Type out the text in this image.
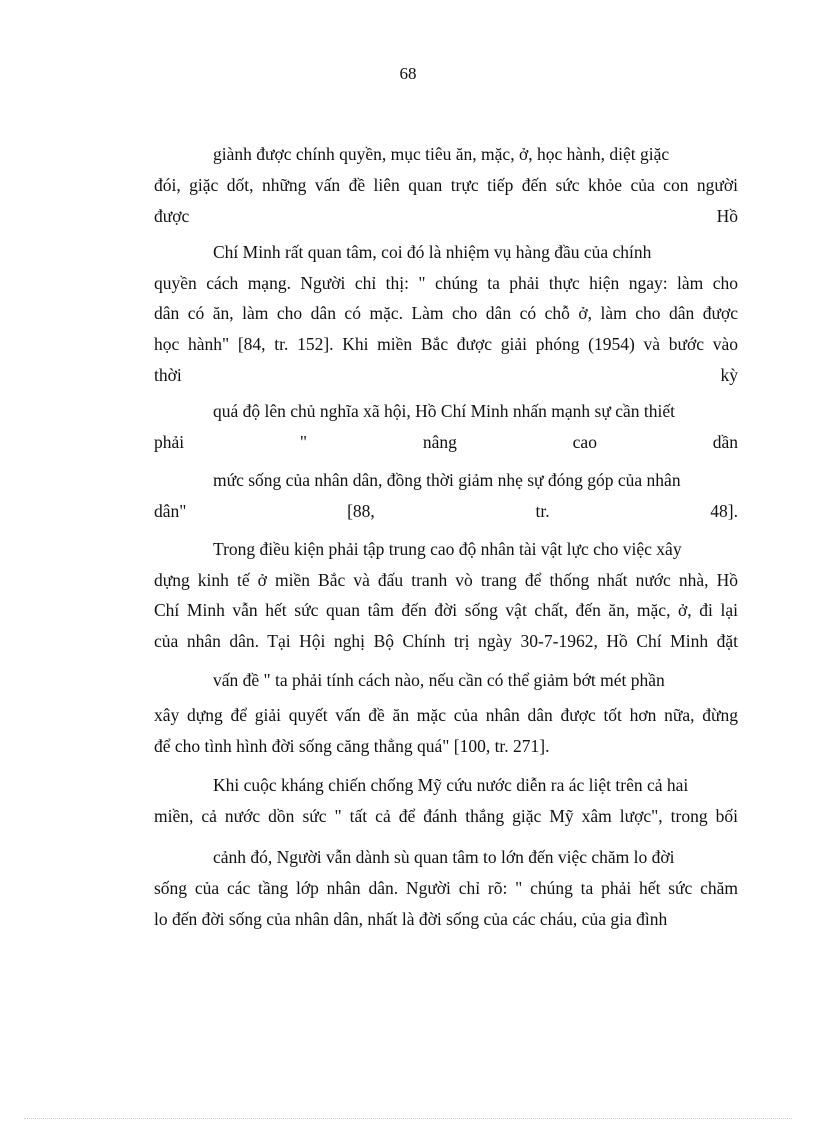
68
giành được chính quyền, mục tiêu ăn, mặc, ở, học hành, diệt giặc
đói, giặc dốt, những vấn đề liên quan trực tiếp đến sức khỏe của con người
được Hồ
Chí Minh rất quan tâm, coi đó là nhiệm vụ hàng đầu của chính
quyền cách mạng. Người chỉ thị: " chúng ta phải thực hiện ngay: làm cho
dân có ăn, làm cho dân có mặc. Làm cho dân có chỗ ở, làm cho dân được
học hành" [84, tr. 152]. Khi miền Bắc được giải phóng (1954) và bước vào
thời kỳ
quá độ lên chủ nghĩa xã hội, Hồ Chí Minh nhấn mạnh sự cần thiết
phải " nâng cao dần
mức sống của nhân dân, đồng thời giảm nhẹ sự đóng góp của nhân
dân" [88, tr. 48].
Trong điều kiện phải tập trung cao độ nhân tài vật lực cho việc xây
dựng kinh tế ở miền Bắc và đấu tranh vò trang để thống nhất nước nhà, Hồ
Chí Minh vẫn hết sức quan tâm đến đời sống vật chất, đến ăn, mặc, ở, đi lại
của nhân dân. Tại Hội nghị Bộ Chính trị ngày 30-7-1962, Hồ Chí Minh đặt
vấn đề " ta phải tính cách nào, nếu cần có thể giảm bớt mét phần
xây dựng để giải quyết vấn đề ăn mặc của nhân dân được tốt hơn nữa, đừng
để cho tình hình đời sống căng thẳng quá" [100, tr. 271].
Khi cuộc kháng chiến chống Mỹ cứu nước diễn ra ác liệt trên cả hai
miền, cả nước dồn sức " tất cả để đánh thắng giặc Mỹ xâm lược", trong bối
cảnh đó, Người vẫn dành sù quan tâm to lớn đến việc chăm lo đời
sống của các tầng lớp nhân dân. Người chỉ rõ: " chúng ta phải hết sức chăm
lo đến đời sống của nhân dân, nhất là đời sống của các cháu, của gia đình
